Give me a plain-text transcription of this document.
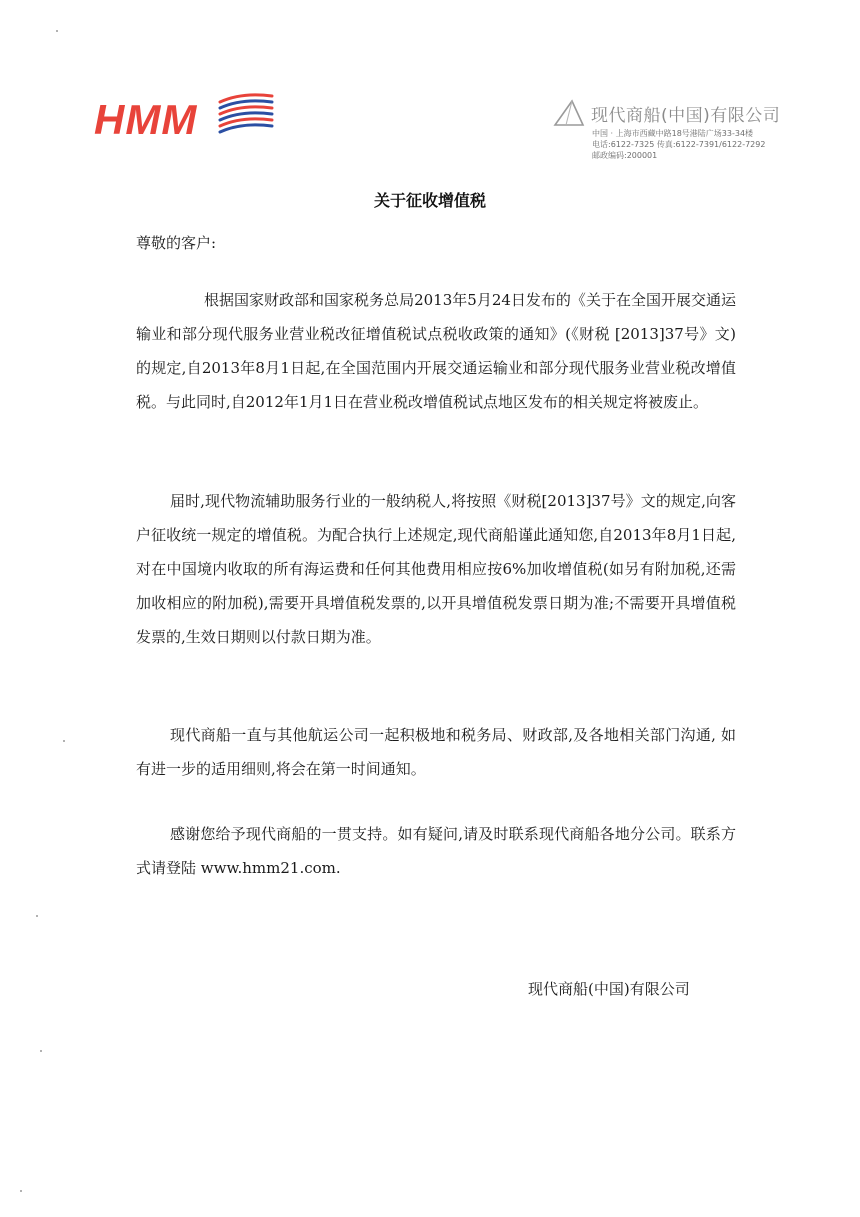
HMM	现代商船(中国)有限公司
中国 · 上海市西藏中路18号港陆广场33-34楼
电话:6122-7325 传真:6122-7391/6122-7292
邮政编码:200001
关于征收增值税
尊敬的客户:

根据国家财政部和国家税务总局2013年5月24日发布的《关于在全国开展交通运输业和部分现代服务业营业税改征增值税试点税收政策的通知》(《财税 [2013]37号》文)的规定,自2013年8月1日起,在全国范围内开展交通运输业和部分现代服务业营业税改增值税。与此同时,自2012年1月1日在营业税改增值税试点地区发布的相关规定将被废止。

届时,现代物流辅助服务行业的一般纳税人,将按照《财税[2013]37号》文的规定,向客户征收统一规定的增值税。为配合执行上述规定,现代商船谨此通知您,自2013年8月1日起,对在中国境内收取的所有海运费和任何其他费用相应按6%加收增值税(如另有附加税,还需加收相应的附加税),需要开具增值税发票的,以开具增值税发票日期为准;不需要开具增值税发票的,生效日期则以付款日期为准。

现代商船一直与其他航运公司一起积极地和税务局、财政部,及各地相关部门沟通, 如有进一步的适用细则,将会在第一时间通知。

感谢您给予现代商船的一贯支持。如有疑问,请及时联系现代商船各地分公司。联系方式请登陆 www.hmm21.com.

现代商船(中国)有限公司
